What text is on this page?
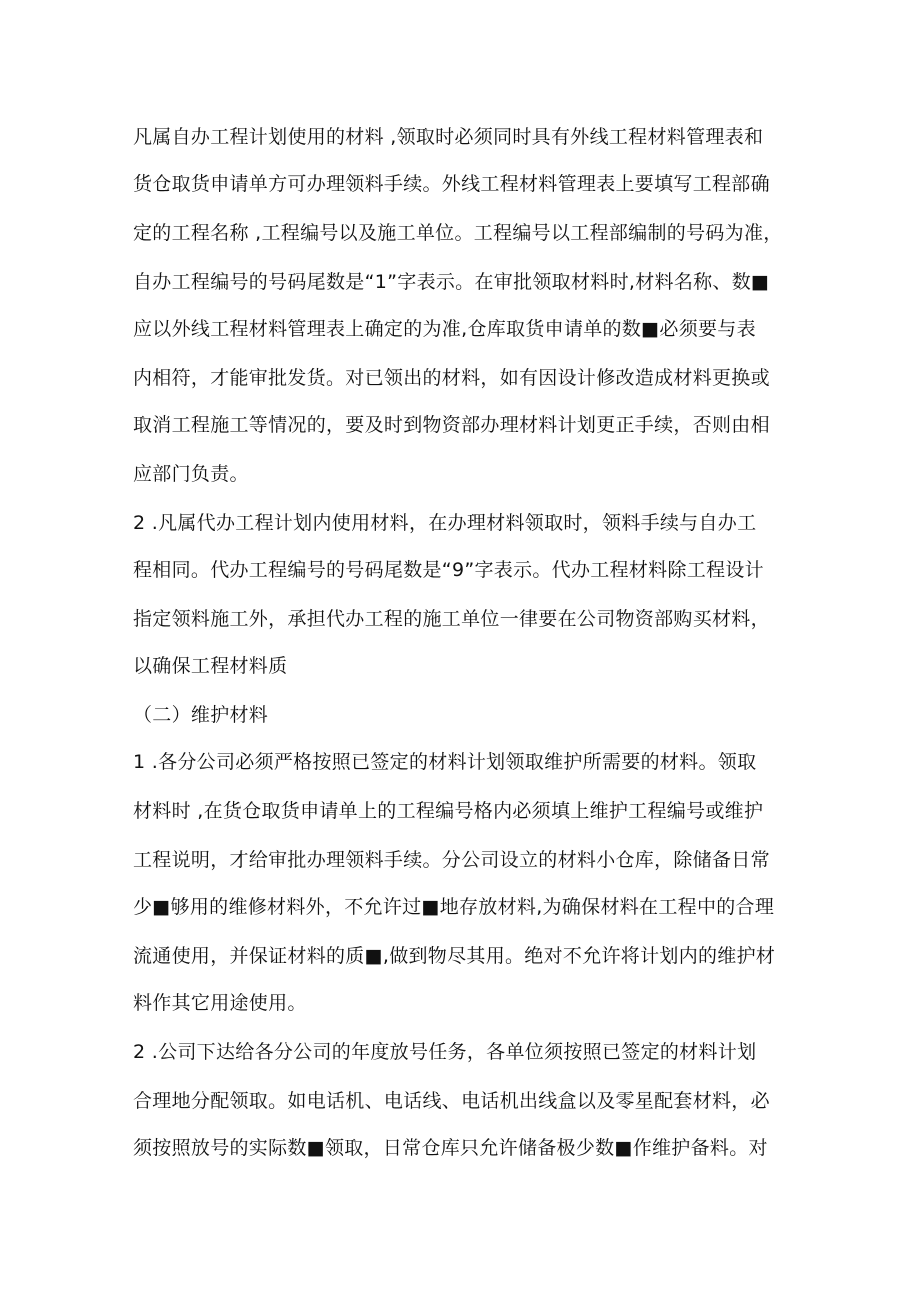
凡属自办工程计划使用的材料 ,领取时必须同时具有外线工程材料管理表和
货仓取货申请单方可办理领料手续。外线工程材料管理表上要填写工程部确
定的工程名称 ,工程编号以及施工单位。工程编号以工程部编制的号码为准，
自办工程编号的号码尾数是“1”字表示。在审批领取材料时,材料名称、数■
应以外线工程材料管理表上确定的为准,仓库取货申请单的数■必须要与表
内相符，才能审批发货。对已领出的材料，如有因设计修改造成材料更换或
取消工程施工等情况的，要及时到物资部办理材料计划更正手续，否则由相
应部门负责。
2 .凡属代办工程计划内使用材料，在办理材料领取时，领料手续与自办工
程相同。代办工程编号的号码尾数是“9”字表示。代办工程材料除工程设计
指定领料施工外，承担代办工程的施工单位一律要在公司物资部购买材料，
以确保工程材料质
（二）维护材料
1 .各分公司必须严格按照已签定的材料计划领取维护所需要的材料。领取
材料时 ,在货仓取货申请单上的工程编号格内必须填上维护工程编号或维护
工程说明，才给审批办理领料手续。分公司设立的材料小仓库，除储备日常
少■够用的维修材料外，不允许过■地存放材料,为确保材料在工程中的合理
流通使用，并保证材料的质■,做到物尽其用。绝对不允许将计划内的维护材
料作其它用途使用。
2 .公司下达给各分公司的年度放号任务，各单位须按照已签定的材料计划
合理地分配领取。如电话机、电话线、电话机出线盒以及零星配套材料，必
须按照放号的实际数■领取，日常仓库只允许储备极少数■作维护备料。对
